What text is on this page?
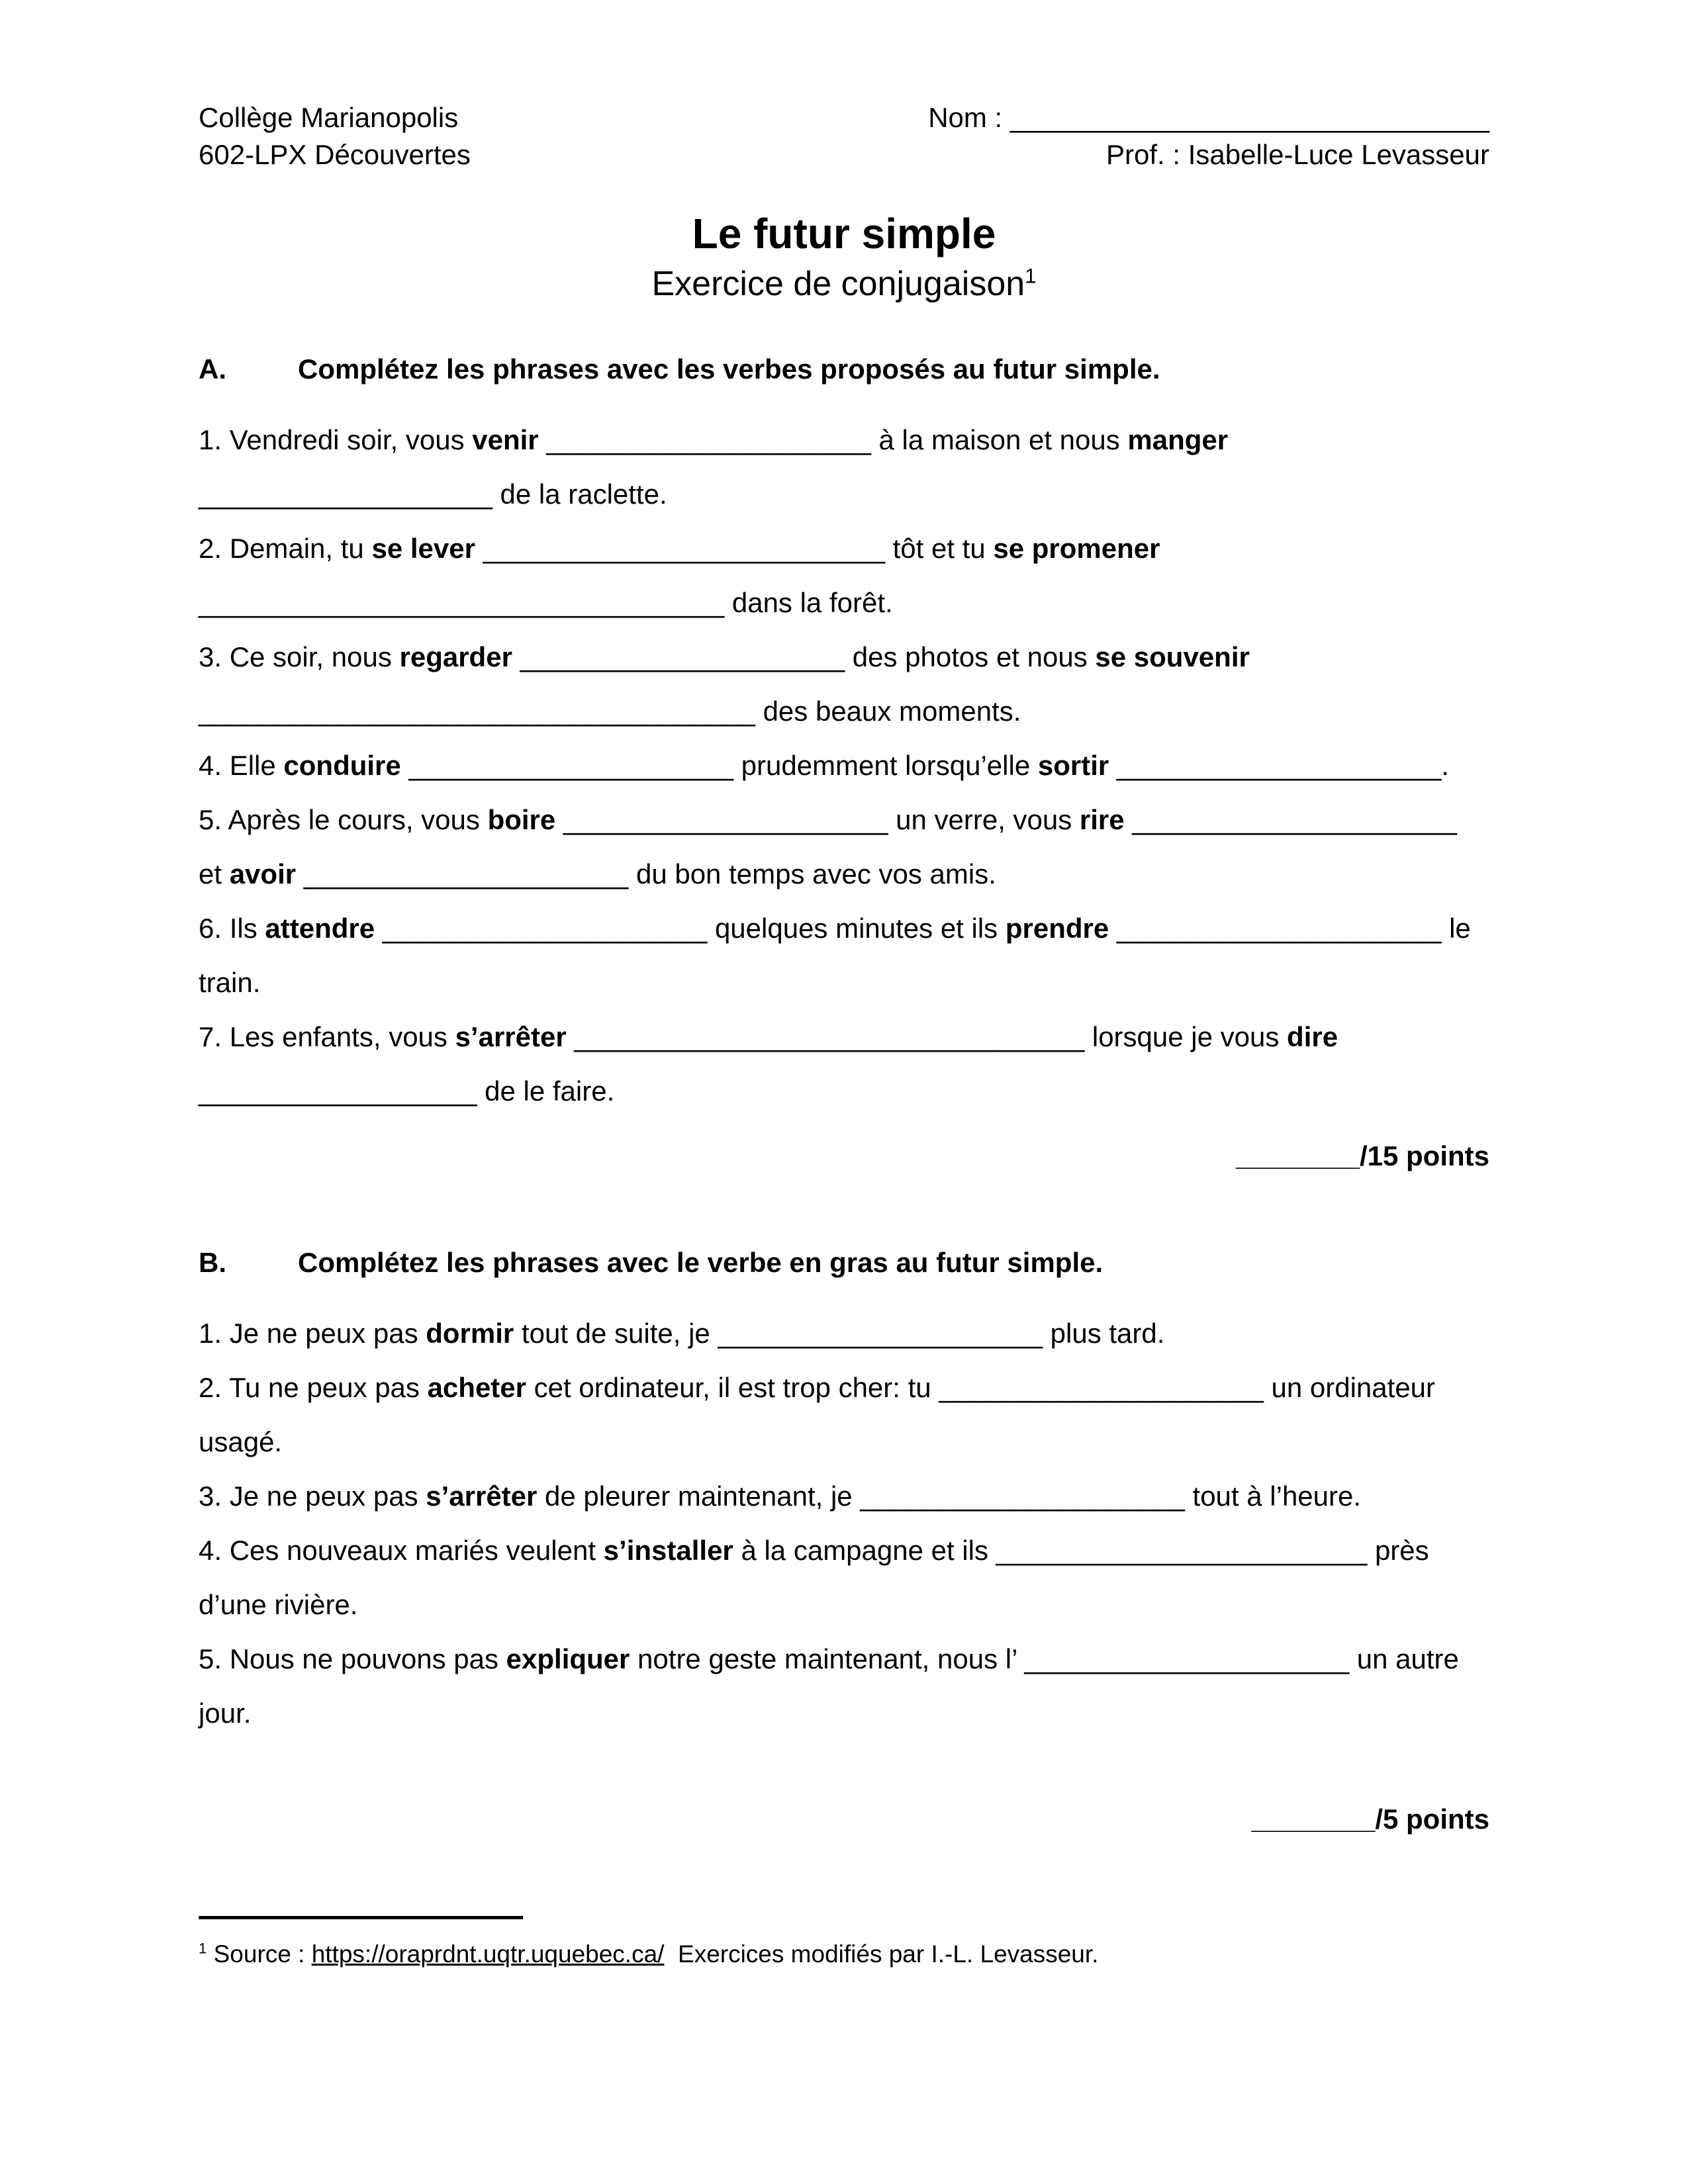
Collège Marianopolis
602-LPX Découvertes
Nom : _______________________________
Prof. : Isabelle-Luce Levasseur
Le futur simple
Exercice de conjugaison$^1$
A.	Complétez les phrases avec les verbes proposés au futur simple.

1. Vendredi soir, vous venir _____________________ à la maison et nous manger

___________________ de la raclette.

2. Demain, tu se lever __________________________ tôt et tu se promener

__________________________________ dans la forêt.

3. Ce soir, nous regarder _____________________ des photos et nous se souvenir

____________________________________ des beaux moments.

4. Elle conduire _____________________ prudemment lorsqu’elle sortir _____________________.

5. Après le cours, vous boire _____________________ un verre, vous rire _____________________

et avoir _____________________ du bon temps avec vos amis.

6. Ils attendre _____________________ quelques minutes et ils prendre _____________________ le

train.

7. Les enfants, vous s’arrêter _________________________________ lorsque je vous dire

__________________ de le faire.

________/15 points
B.	Complétez les phrases avec le verbe en gras au futur simple.

1. Je ne peux pas dormir tout de suite, je _____________________ plus tard.

2. Tu ne peux pas acheter cet ordinateur, il est trop cher: tu _____________________ un ordinateur

usagé.

3. Je ne peux pas s’arrêter de pleurer maintenant, je _____________________ tout à l’heure.

4. Ces nouveaux mariés veulent s’installer à la campagne et ils ________________________ près

d’une rivière.

5. Nous ne pouvons pas expliquer notre geste maintenant, nous l’ _____________________ un autre

jour.

________/5 points
$^1$ Source : https://oraprdnt.uqtr.uquebec.ca/  Exercices modifiés par I.-L. Levasseur.
